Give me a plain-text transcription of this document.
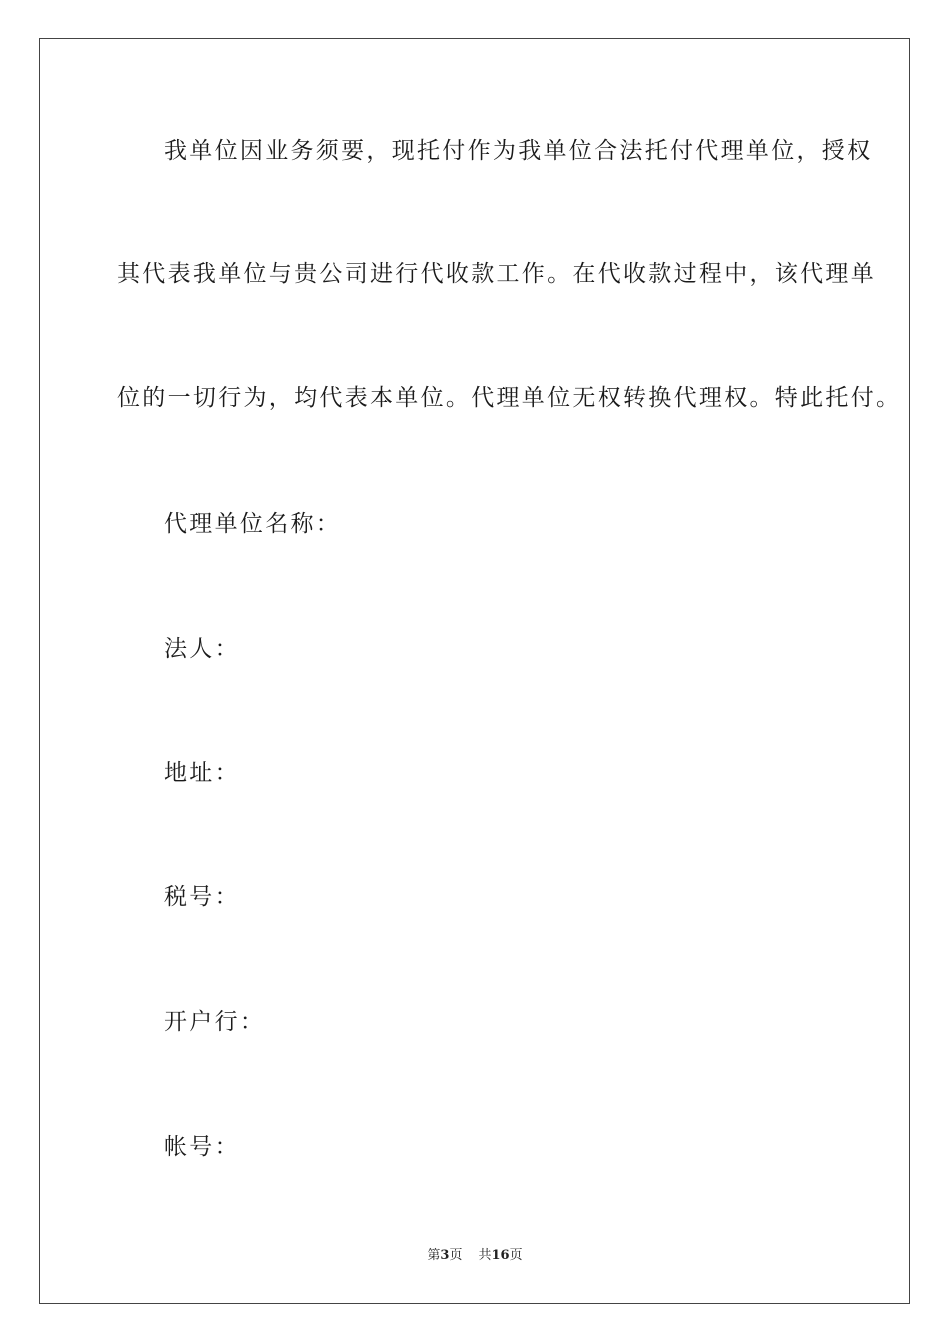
我单位因业务须要，现托付作为我单位合法托付代理单位，授权
其代表我单位与贵公司进行代收款工作。在代收款过程中，该代理单
位的一切行为，均代表本单位。代理单位无权转换代理权。特此托付。
代理单位名称：
法人：
地址：
税号：
开户行：
帐号：
第3页 共16页
